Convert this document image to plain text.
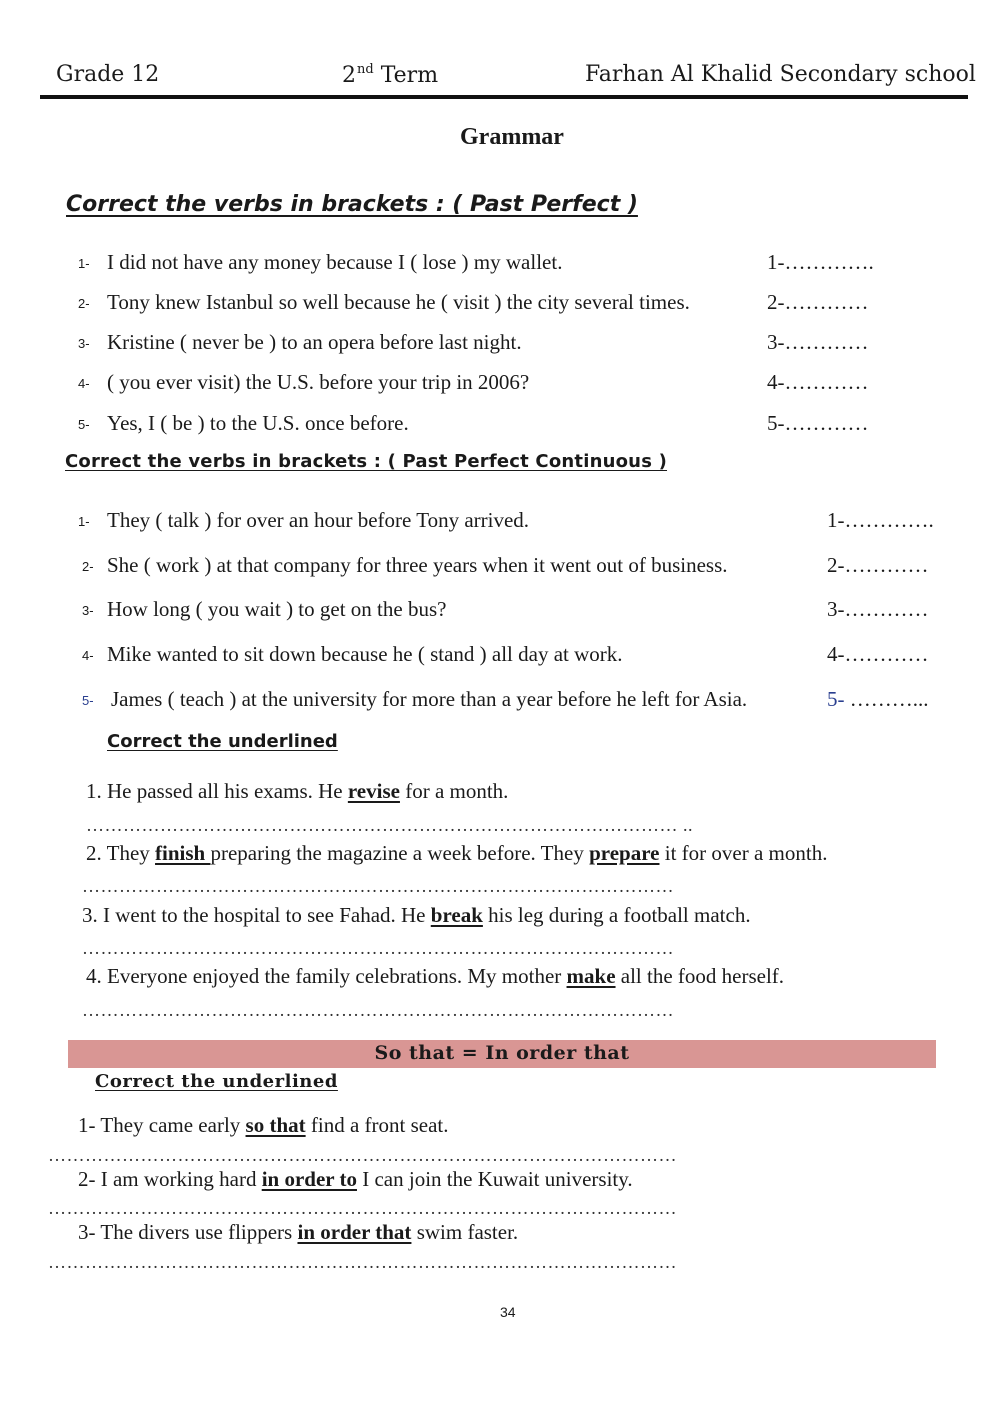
Grade 12	2nd Term	Farhan Al Khalid Secondary school
Grammar
Correct the verbs in brackets : ( Past Perfect )
1- I did not have any money because I ( lose ) my wallet.	1-………….
2- Tony knew Istanbul so well because he ( visit ) the city several times.	2-…………
3- Kristine ( never be ) to an opera before last night.	3-…………
4- ( you ever visit) the U.S. before your trip in 2006?	4-…………
5- Yes, I ( be ) to the U.S. once before.	5-…………
Correct the verbs in brackets : ( Past Perfect Continuous )
1- They ( talk ) for over an hour before Tony arrived.	1-………….
2- She ( work ) at that company for three years when it went out of business.	2-…………
3- How long ( you wait ) to get on the bus?	3-…………
4- Mike wanted to sit down because he ( stand ) all day at work.	4-…………
5- James ( teach ) at the university for more than a year before he left for Asia.	5- ………...
Correct the underlined
1. He passed all his exams. He revise for a month.
…………………………………………………………………………………… ..
2. They finish preparing the magazine a week before. They prepare it for over a month.
……………………………………………………………………………………
3. I went to the hospital to see Fahad. He break his leg during a football match.
……………………………………………………………………………………
4. Everyone enjoyed the family celebrations. My mother make all the food herself.
……………………………………………………………………………………
So that = In order that
Correct the underlined
1- They came early so that find a front seat.
…………………………………………………………………………………………
2- I am working hard in order to I can join the Kuwait university.
…………………………………………………………………………………………
3- The divers use flippers in order that swim faster.
…………………………………………………………………………………………
34
